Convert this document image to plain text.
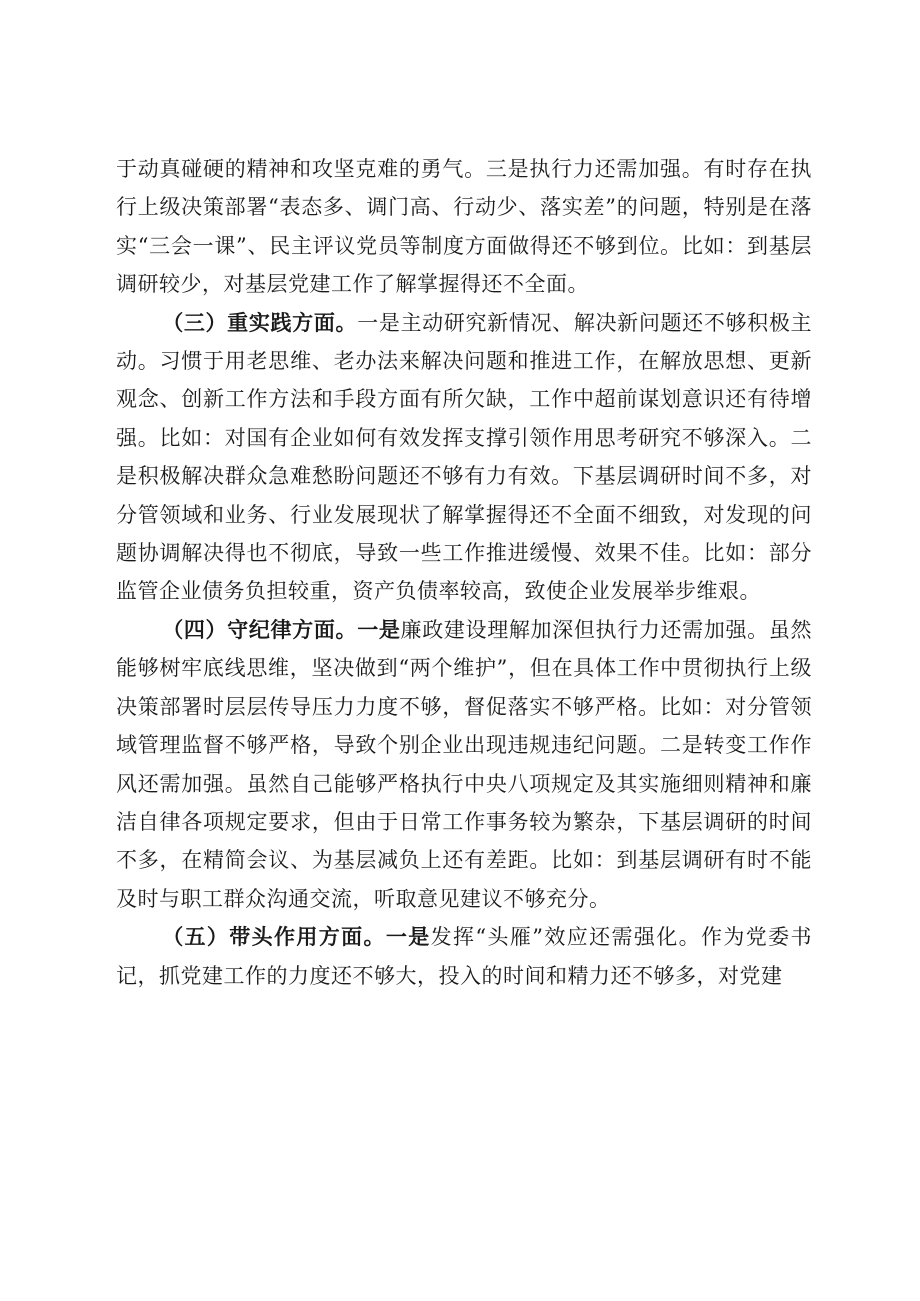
于动真碰硬的精神和攻坚克难的勇气。三是执行力还需加强。有时存在执行上级决策部署“表态多、调门高、行动少、落实差”的问题，特别是在落实“三会一课”、民主评议党员等制度方面做得还不够到位。比如：到基层调研较少，对基层党建工作了解掌握得还不全面。

（三）重实践方面。一是主动研究新情况、解决新问题还不够积极主动。习惯于用老思维、老办法来解决问题和推进工作，在解放思想、更新观念、创新工作方法和手段方面有所欠缺，工作中超前谋划意识还有待增强。比如：对国有企业如何有效发挥支撑引领作用思考研究不够深入。二是积极解决群众急难愁盼问题还不够有力有效。下基层调研时间不多，对分管领域和业务、行业发展现状了解掌握得还不全面不细致，对发现的问题协调解决得也不彻底，导致一些工作推进缓慢、效果不佳。比如：部分监管企业债务负担较重，资产负债率较高，致使企业发展举步维艰。

（四）守纪律方面。一是廉政建设理解加深但执行力还需加强。虽然能够树牢底线思维，坚决做到“两个维护”，但在具体工作中贯彻执行上级决策部署时层层传导压力力度不够，督促落实不够严格。比如：对分管领域管理监督不够严格，导致个别企业出现违规违纪问题。二是转变工作作风还需加强。虽然自己能够严格执行中央八项规定及其实施细则精神和廉洁自律各项规定要求，但由于日常工作事务较为繁杂，下基层调研的时间不多，在精简会议、为基层减负上还有差距。比如：到基层调研有时不能及时与职工群众沟通交流，听取意见建议不够充分。

（五）带头作用方面。一是发挥“头雁”效应还需强化。作为党委书记，抓党建工作的力度还不够大，投入的时间和精力还不够多，对党建
